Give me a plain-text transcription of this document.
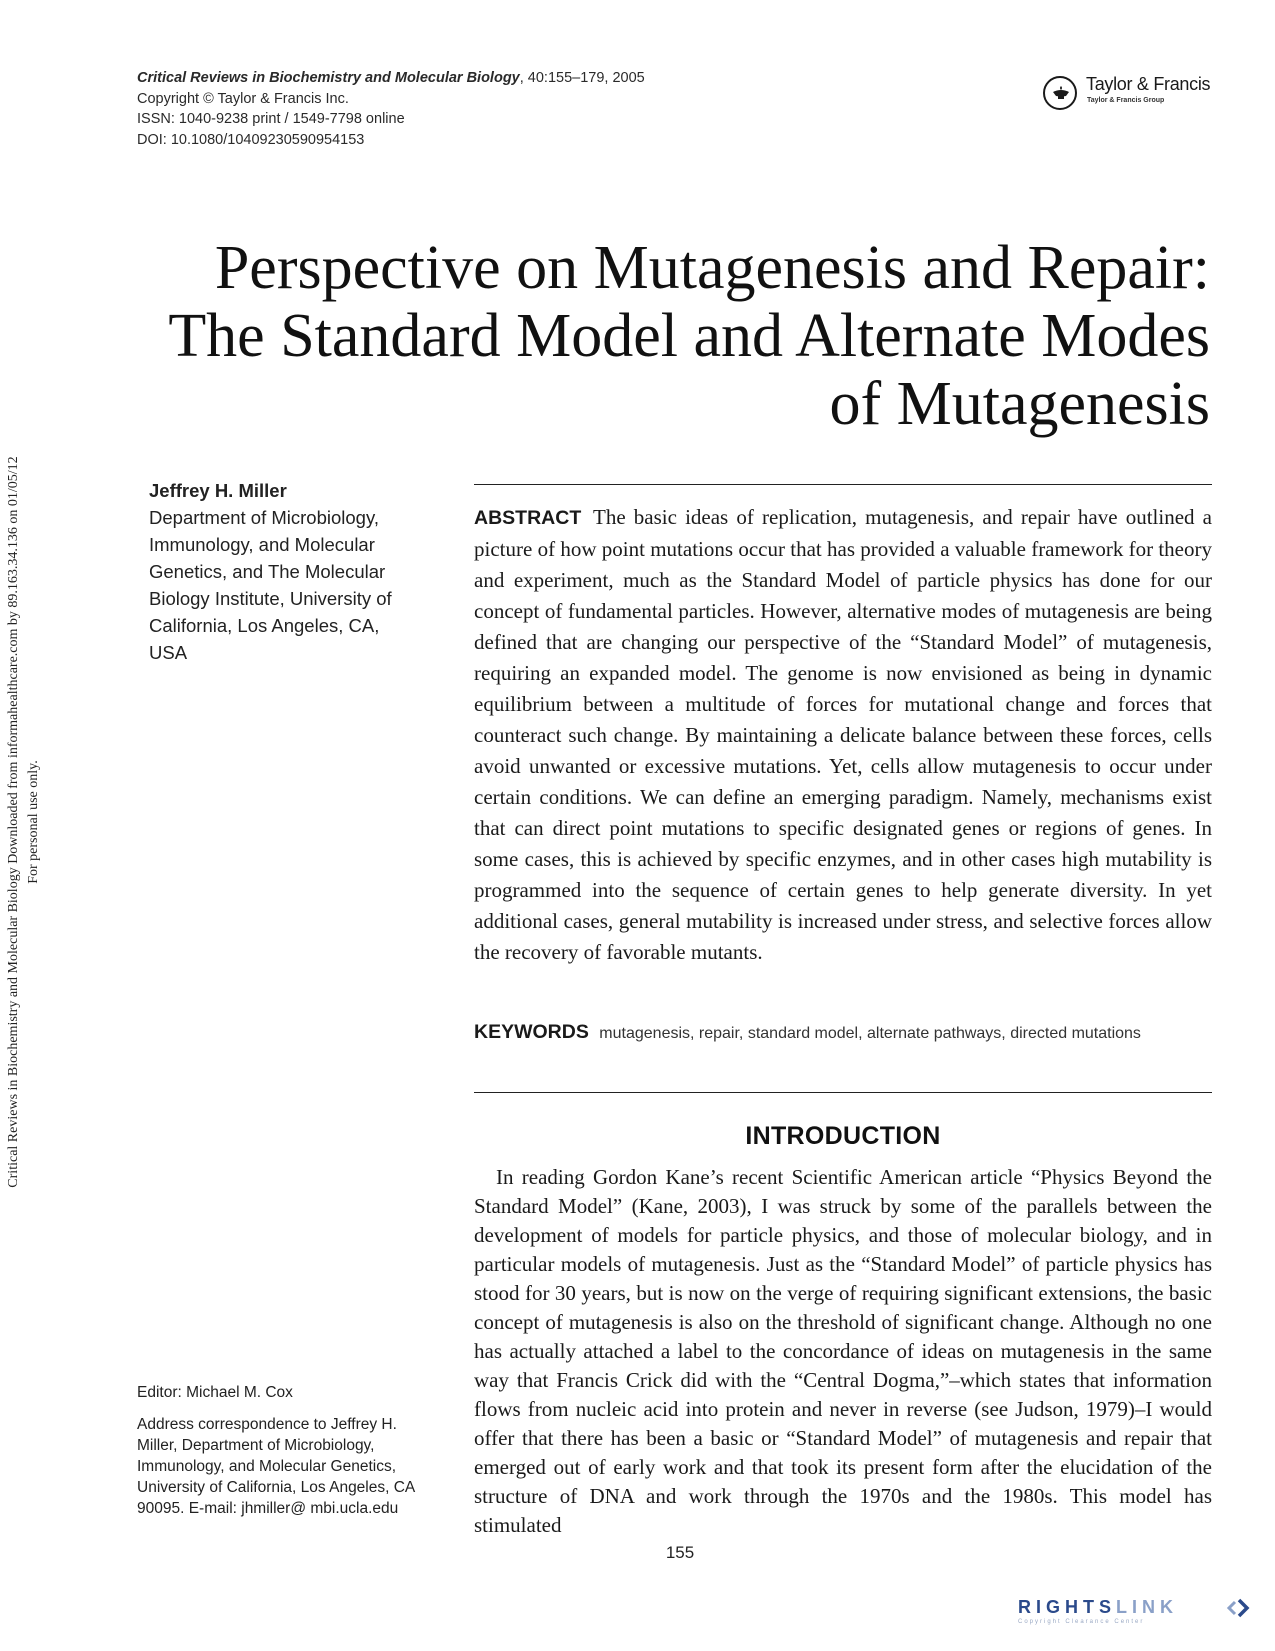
Critical Reviews in Biochemistry and Molecular Biology, 40:155–179, 2005
Copyright © Taylor & Francis Inc.
ISSN: 1040-9238 print / 1549-7798 online
DOI: 10.1080/10409230590954153
Taylor & Francis
Taylor & Francis Group
Perspective on Mutagenesis and Repair:
The Standard Model and Alternate Modes
of Mutagenesis
Critical Reviews in Biochemistry and Molecular Biology Downloaded from informahealthcare.com by 89.163.34.136 on 01/05/12 For personal use only.
Jeffrey H. Miller
Department of Microbiology, Immunology, and Molecular Genetics, and The Molecular Biology Institute, University of California, Los Angeles, CA, USA
ABSTRACT The basic ideas of replication, mutagenesis, and repair have outlined a picture of how point mutations occur that has provided a valuable framework for theory and experiment, much as the Standard Model of particle physics has done for our concept of fundamental particles. However, alternative modes of mutagenesis are being defined that are changing our perspective of the “Standard Model” of mutagenesis, requiring an expanded model. The genome is now envisioned as being in dynamic equilibrium between a multitude of forces for mutational change and forces that counteract such change. By maintaining a delicate balance between these forces, cells avoid unwanted or excessive mutations. Yet, cells allow mutagenesis to occur under certain conditions. We can define an emerging paradigm. Namely, mechanisms exist that can direct point mutations to specific designated genes or regions of genes. In some cases, this is achieved by specific enzymes, and in other cases high mutability is programmed into the sequence of certain genes to help generate diversity. In yet additional cases, general mutability is increased under stress, and selective forces allow the recovery of favorable mutants.
KEYWORDS mutagenesis, repair, standard model, alternate pathways, directed mutations
INTRODUCTION
In reading Gordon Kane’s recent Scientific American article “Physics Beyond the Standard Model” (Kane, 2003), I was struck by some of the parallels between the development of models for particle physics, and those of molecular biology, and in particular models of mutagenesis. Just as the “Standard Model” of particle physics has stood for 30 years, but is now on the verge of requiring significant extensions, the basic concept of mutagenesis is also on the threshold of significant change. Although no one has actually attached a label to the concordance of ideas on mutagenesis in the same way that Francis Crick did with the “Central Dogma,”–which states that information flows from nucleic acid into protein and never in reverse (see Judson, 1979)–I would offer that there has been a basic or “Standard Model” of mutagenesis and repair that emerged out of early work and that took its present form after the elucidation of the structure of DNA and work through the 1970s and the 1980s. This model has stimulated
Editor: Michael M. Cox
Address correspondence to Jeffrey H. Miller, Department of Microbiology, Immunology, and Molecular Genetics, University of California, Los Angeles, CA 90095. E-mail: jhmiller@ mbi.ucla.edu
155
RIGHTSLINK
Copyright Clearance Center
